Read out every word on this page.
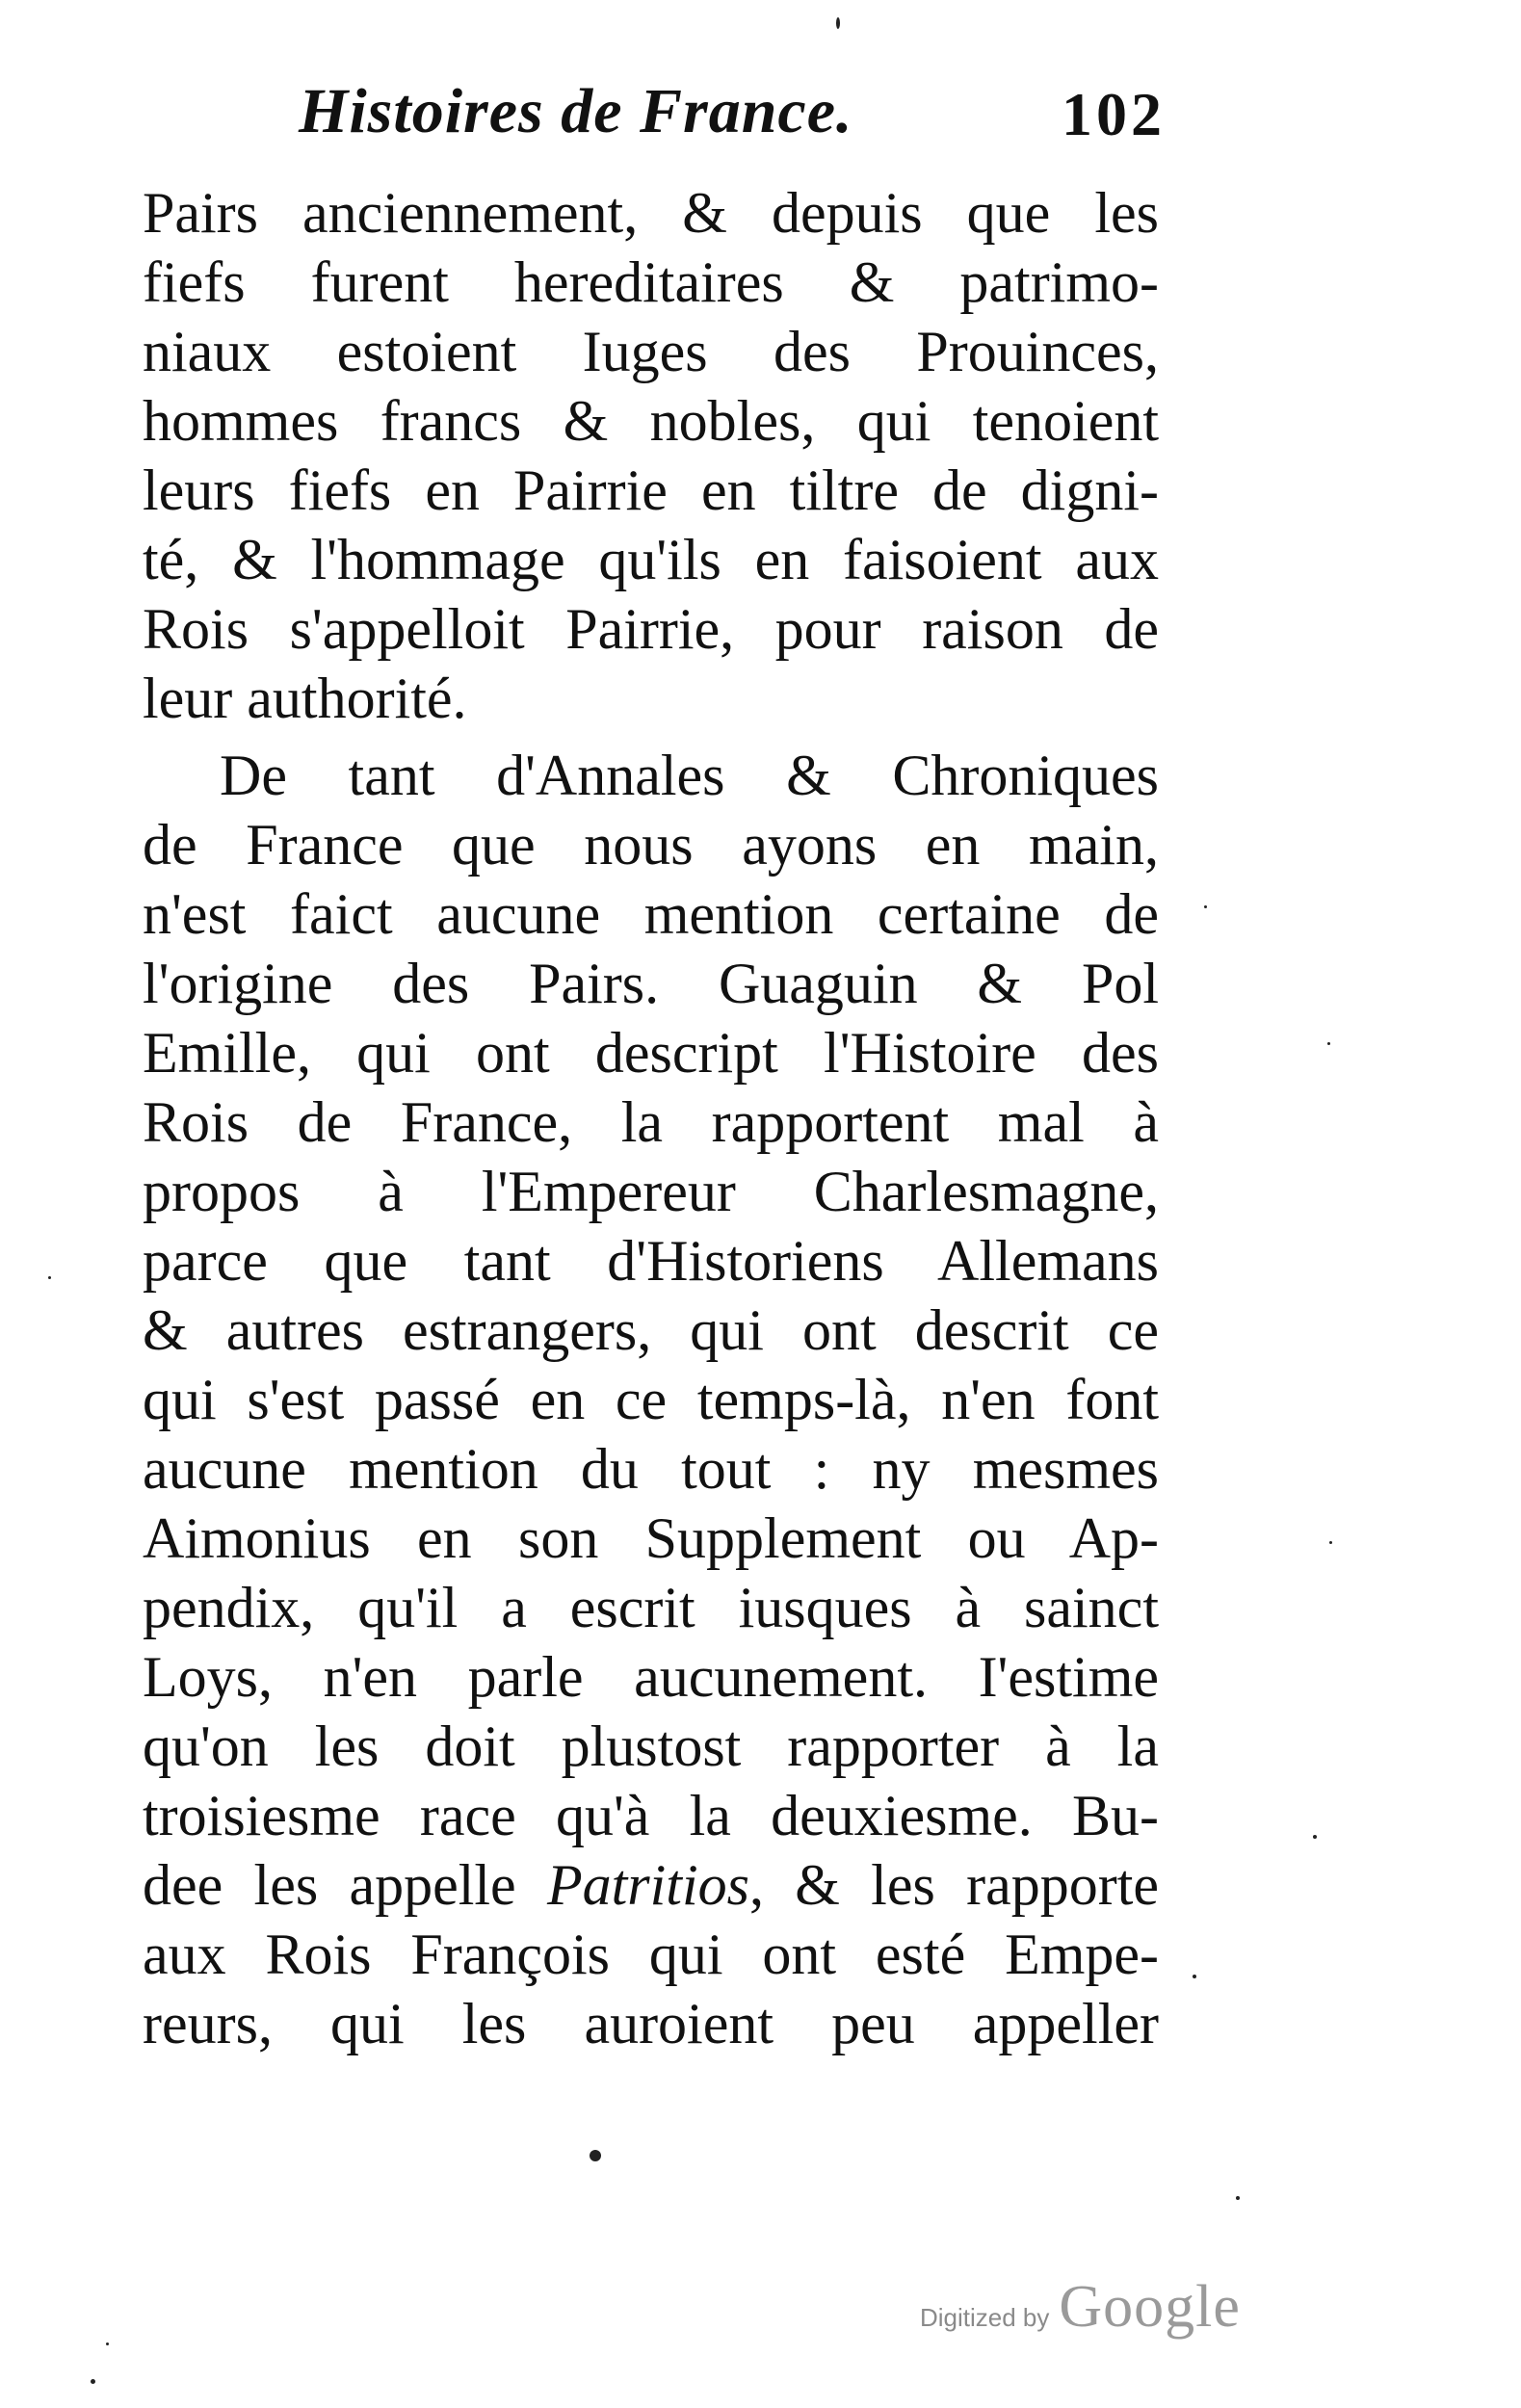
Histoires de France.	102
Pairs anciennement, & depuis que les
fiefs furent hereditaires & patrimo-
niaux estoient Iuges des Prouinces,
hommes francs & nobles, qui tenoient
leurs fiefs en Pairrie en tiltre de digni-
té, & l'hommage qu'ils en faisoient aux
Rois s'appelloit Pairrie, pour raison de
leur authorité.
De tant d'Annales & Chroniques
de France que nous ayons en main,
n'est faict aucune mention certaine de
l'origine des Pairs. Guaguin & Pol
Emille, qui ont descript l'Histoire des
Rois de France, la rapportent mal à
propos à l'Empereur Charlesmagne,
parce que tant d'Historiens Allemans
& autres estrangers, qui ont descrit ce
qui s'est passé en ce temps-là, n'en font
aucune mention du tout : ny mesmes
Aimonius en son Supplement ou Ap-
pendix, qu'il a escrit iusques à sainct
Loys, n'en parle aucunement. I'estime
qu'on les doit plustost rapporter à la
troisiesme race qu'à la deuxiesme. Bu-
dee les appelle Patritios, & les rapporte
aux Rois François qui ont esté Empe-
reurs, qui les auroient peu appeller
Digitized by Google
